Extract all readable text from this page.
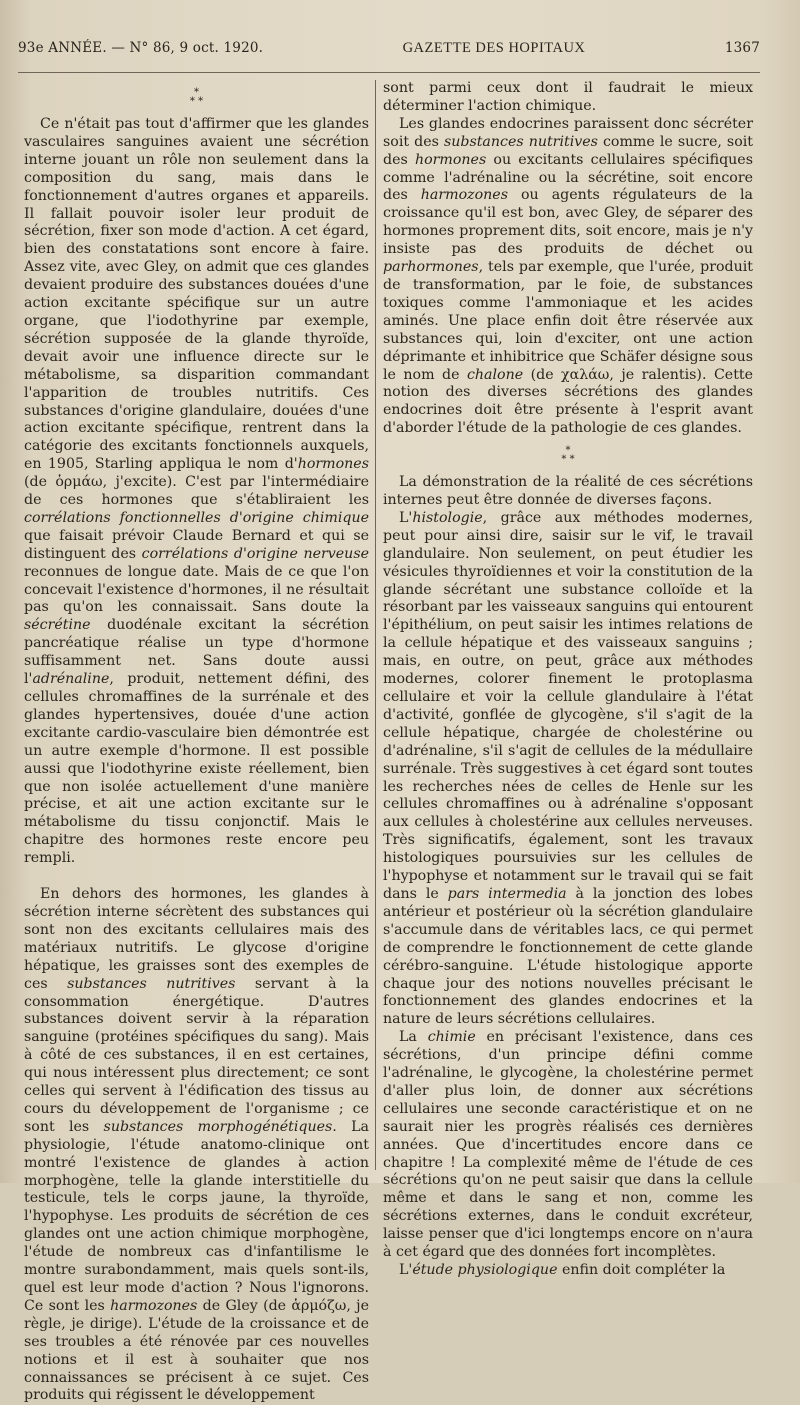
93e ANNÉE. — N° 86, 9 oct. 1920.	GAZETTE DES HOPITAUX	1367
*
* *

Ce n'était pas tout d'affirmer que les glandes vasculaires sanguines avaient une sécrétion interne jouant un rôle non seulement dans la composition du sang, mais dans le fonctionnement d'autres organes et appareils. Il fallait pouvoir isoler leur produit de sécrétion, fixer son mode d'action. A cet égard, bien des constatations sont encore à faire. Assez vite, avec Gley, on admit que ces glandes devaient produire des substances douées d'une action excitante spécifique sur un autre organe, que l'iodothyrine par exemple, sécrétion supposée de la glande thyroïde, devait avoir une influence directe sur le métabolisme, sa disparition commandant l'apparition de troubles nutritifs. Ces substances d'origine glandulaire, douées d'une action excitante spécifique, rentrent dans la catégorie des excitants fonctionnels auxquels, en 1905, Starling appliqua le nom d'hormones (de ὁρμάω, j'excite). C'est par l'intermédiaire de ces hormones que s'établiraient les corrélations fonctionnelles d'origine chimique que faisait prévoir Claude Bernard et qui se distinguent des corrélations d'origine nerveuse reconnues de longue date. Mais de ce que l'on concevait l'existence d'hormones, il ne résultait pas qu'on les connaissait. Sans doute la sécrétine duodénale excitant la sécrétion pancréatique réalise un type d'hormone suffisamment net. Sans doute aussi l'adrénaline, produit, nettement défini, des cellules chromaffines de la surrénale et des glandes hypertensives, douée d'une action excitante cardio-vasculaire bien démontrée est un autre exemple d'hormone. Il est possible aussi que l'iodothyrine existe réellement, bien que non isolée actuellement d'une manière précise, et ait une action excitante sur le métabolisme du tissu conjonctif. Mais le chapitre des hormones reste encore peu rempli.

En dehors des hormones, les glandes à sécrétion interne sécrètent des substances qui sont non des excitants cellulaires mais des matériaux nutritifs. Le glycose d'origine hépatique, les graisses sont des exemples de ces substances nutritives servant à la consommation énergétique. D'autres substances doivent servir à la réparation sanguine (protéines spécifiques du sang). Mais à côté de ces substances, il en est certaines, qui nous intéressent plus directement; ce sont celles qui servent à l'édification des tissus au cours du développement de l'organisme ; ce sont les substances morphogénétiques. La physiologie, l'étude anatomo-clinique ont montré l'existence de glandes à action morphogène, telle la glande interstitielle du testicule, tels le corps jaune, la thyroïde, l'hypophyse. Les produits de sécrétion de ces glandes ont une action chimique morphogène, l'étude de nombreux cas d'infantilisme le montre surabondamment, mais quels sont-ils, quel est leur mode d'action ? Nous l'ignorons. Ce sont les harmozones de Gley (de ἁρμόζω, je règle, je dirige). L'étude de la croissance et de ses troubles a été rénovée par ces nouvelles notions et il est à souhaiter que nos connaissances se précisent à ce sujet. Ces produits qui régissent le développement

sont parmi ceux dont il faudrait le mieux déterminer l'action chimique.

Les glandes endocrines paraissent donc sécréter soit des substances nutritives comme le sucre, soit des hormones ou excitants cellulaires spécifiques comme l'adrénaline ou la sécrétine, soit encore des harmozones ou agents régulateurs de la croissance qu'il est bon, avec Gley, de séparer des hormones proprement dits, soit encore, mais je n'y insiste pas des produits de déchet ou parhormones, tels par exemple, que l'urée, produit de transformation, par le foie, de substances toxiques comme l'ammoniaque et les acides aminés. Une place enfin doit être réservée aux substances qui, loin d'exciter, ont une action déprimante et inhibitrice que Schäfer désigne sous le nom de chalone (de χαλάω, je ralentis). Cette notion des diverses sécrétions des glandes endocrines doit être présente à l'esprit avant d'aborder l'étude de la pathologie de ces glandes.

*
* *

La démonstration de la réalité de ces sécrétions internes peut être donnée de diverses façons.

L'histologie, grâce aux méthodes modernes, peut pour ainsi dire, saisir sur le vif, le travail glandulaire. Non seulement, on peut étudier les vésicules thyroïdiennes et voir la constitution de la glande sécrétant une substance colloïde et la résorbant par les vaisseaux sanguins qui entourent l'épithélium, on peut saisir les intimes relations de la cellule hépatique et des vaisseaux sanguins ; mais, en outre, on peut, grâce aux méthodes modernes, colorer finement le protoplasma cellulaire et voir la cellule glandulaire à l'état d'activité, gonflée de glycogène, s'il s'agit de la cellule hépatique, chargée de cholestérine ou d'adrénaline, s'il s'agit de cellules de la médullaire surrénale. Très suggestives à cet égard sont toutes les recherches nées de celles de Henle sur les cellules chromaffines ou à adrénaline s'opposant aux cellules à cholestérine aux cellules nerveuses. Très significatifs, également, sont les travaux histologiques poursuivies sur les cellules de l'hypophyse et notamment sur le travail qui se fait dans le pars intermedia à la jonction des lobes antérieur et postérieur où la sécrétion glandulaire s'accumule dans de véritables lacs, ce qui permet de comprendre le fonctionnement de cette glande cérébro-sanguine. L'étude histologique apporte chaque jour des notions nouvelles précisant le fonctionnement des glandes endocrines et la nature de leurs sécrétions cellulaires.

La chimie en précisant l'existence, dans ces sécrétions, d'un principe défini comme l'adrénaline, le glycogène, la cholestérine permet d'aller plus loin, de donner aux sécrétions cellulaires une seconde caractéristique et on ne saurait nier les progrès réalisés ces dernières années. Que d'incertitudes encore dans ce chapitre ! La complexité même de l'étude de ces sécrétions qu'on ne peut saisir que dans la cellule même et dans le sang et non, comme les sécrétions externes, dans le conduit excréteur, laisse penser que d'ici longtemps encore on n'aura à cet égard que des données fort incomplètes.

L'étude physiologique enfin doit compléter la
